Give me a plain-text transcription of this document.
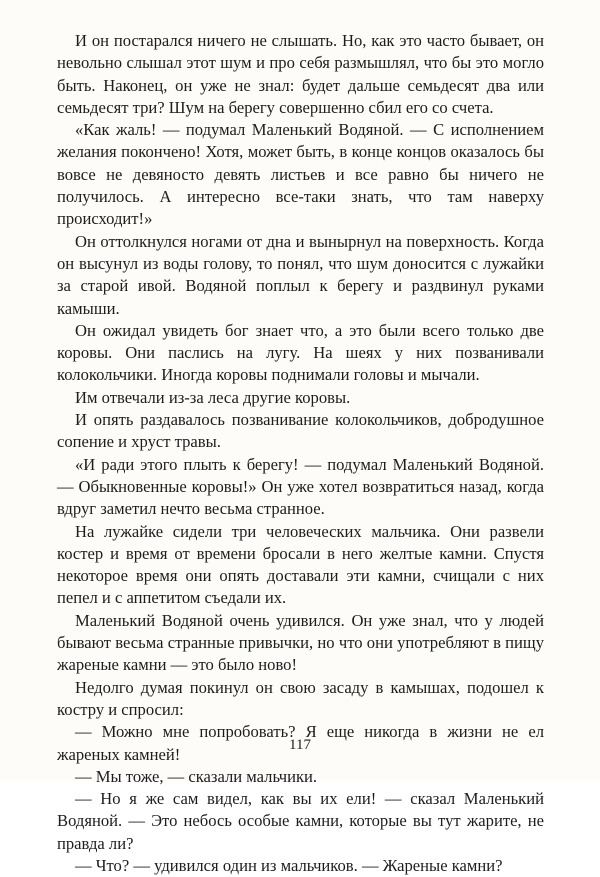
И он постарался ничего не слышать. Но, как это часто бывает, он невольно слышал этот шум и про себя размышлял, что бы это могло быть. Наконец, он уже не знал: будет дальше семьдесят два или семьдесят три? Шум на берегу совершенно сбил его со счета.

«Как жаль! — подумал Маленький Водяной. — С исполнением желания покончено! Хотя, может быть, в конце концов оказалось бы вовсе не девяносто девять листьев и все равно бы ничего не получилось. А интересно все-таки знать, что там наверху происходит!»

Он оттолкнулся ногами от дна и вынырнул на поверхность. Когда он высунул из воды голову, то понял, что шум доносится с лужайки за старой ивой. Водяной поплыл к берегу и раздвинул руками камыши.

Он ожидал увидеть бог знает что, а это были всего только две коровы. Они паслись на лугу. На шеях у них позванивали колокольчики. Иногда коровы поднимали головы и мычали.

Им отвечали из-за леса другие коровы.

И опять раздавалось позванивание колокольчиков, добродушное сопение и хруст травы.

«И ради этого плыть к берегу! — подумал Маленький Водяной. — Обыкновенные коровы!» Он уже хотел возвратиться назад, когда вдруг заметил нечто весьма странное.

На лужайке сидели три человеческих мальчика. Они развели костер и время от времени бросали в него желтые камни. Спустя некоторое время они опять доставали эти камни, счищали с них пепел и с аппетитом съедали их.

Маленький Водяной очень удивился. Он уже знал, что у людей бывают весьма странные привычки, но что они употребляют в пищу жареные камни — это было ново!

Недолго думая покинул он свою засаду в камышах, подошел к костру и спросил:

— Можно мне попробовать? Я еще никогда в жизни не ел жареных камней!

— Мы тоже, — сказали мальчики.

— Но я же сам видел, как вы их ели! — сказал Маленький Водяной. — Это небось особые камни, которые вы тут жарите, не правда ли?

— Что? — удивился один из мальчиков. — Жареные камни?

117
